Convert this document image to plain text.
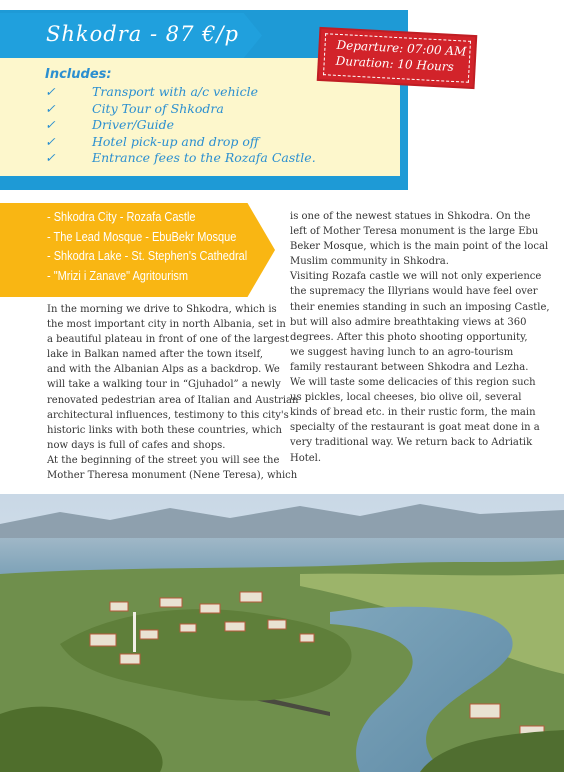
Shkodra - 87 €/p
Includes:
✓	Transport with a/c vehicle
✓	City Tour of Shkodra
✓	Driver/Guide
✓	Hotel pick-up and drop off
✓	Entrance fees to the Rozafa Castle.
Departure: 07:00 AM
Duration: 10 Hours
- Shkodra City - Rozafa Castle
- The Lead Mosque - EbuBekr Mosque
- Shkodra Lake - St. Stephen's Cathedral
- "Mrizi i Zanave" Agritourism
In the morning we drive to Shkodra, which is
the most important city in north Albania, set in
a beautiful plateau in front of one of the largest
lake in Balkan named after the town itself,
and with the Albanian Alps as a backdrop. We
will take a walking tour in “Gjuhadol” a newly
renovated pedestrian area of Italian and Austrian
architectural influences, testimony to this city's
historic links with both these countries, which
now days is full of cafes and shops.
At the beginning of the street you will see the
Mother Theresa monument (Nene Teresa), which
is one of the newest statues in Shkodra. On the
left of Mother Teresa monument is the large Ebu
Beker Mosque, which is the main point of the local
Muslim community in Shkodra.
Visiting Rozafa castle we will not only experience
the supremacy the Illyrians would have feel over
their enemies standing in such an imposing Castle,
but will also admire breathtaking views at 360
degrees. After this photo shooting opportunity,
we suggest having lunch to an agro-tourism
family restaurant between Shkodra and Lezha.
We will taste some delicacies of this region such
us pickles, local cheeses, bio olive oil, several
kinds of bread etc. in their rustic form, the main
specialty of the restaurant is goat meat done in a
very traditional way. We return back to Adriatik
Hotel.
